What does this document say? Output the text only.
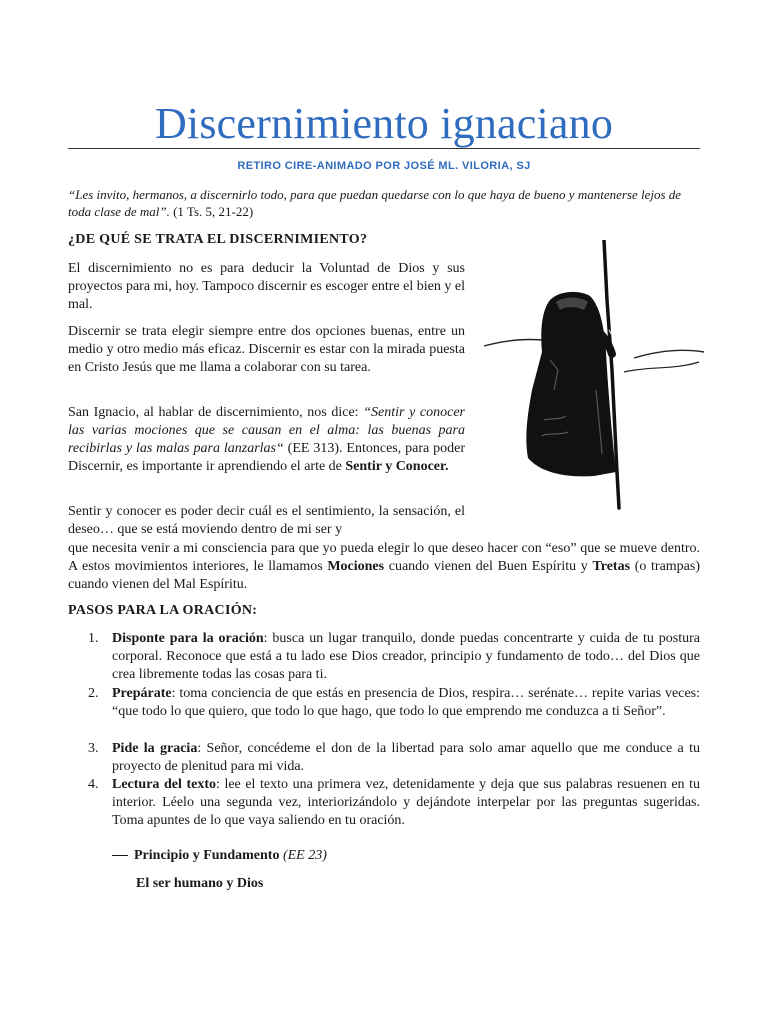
Discernimiento ignaciano
RETIRO CIRE-ANIMADO POR JOSÉ ML. VILORIA, SJ
“Les invito, hermanos, a discernirlo todo, para que puedan quedarse con lo que haya de bueno y mantenerse lejos de toda clase de mal”. (1 Ts. 5, 21-22)
¿DE QUÉ SE TRATA EL DISCERNIMIENTO?

El discernimiento no es para deducir la Voluntad de Dios y sus proyectos para mi, hoy. Tampoco discernir es escoger entre el bien y el mal.

Discernir se trata elegir siempre entre dos opciones buenas, entre un medio y otro medio más eficaz. Discernir es estar con la mirada puesta en Cristo Jesús que me llama a colaborar con su tarea.

San Ignacio, al hablar de discernimiento, nos dice: “Sentir y conocer las varias mociones que se causan en el alma: las buenas para recibirlas y las malas para lanzarlas“ (EE 313). Entonces, para poder Discernir, es importante ir aprendiendo el arte de Sentir y Conocer.

Sentir y conocer es poder decir cuál es el sentimiento, la sensación, el deseo… que se está moviendo dentro de mi ser y

que necesita venir a mi consciencia para que yo pueda elegir lo que deseo hacer con “eso” que se mueve dentro. A estos movimientos interiores, le llamamos Mociones cuando vienen del Buen Espíritu y Tretas (o trampas) cuando vienen del Mal Espíritu.

PASOS PARA LA ORACIÓN:
1. Disponte para la oración: busca un lugar tranquilo, donde puedas concentrarte y cuida de tu postura corporal. Reconoce que está a tu lado ese Dios creador, principio y fundamento de todo… del Dios que crea libremente todas las cosas para ti.

2. Prepárate: toma conciencia de que estás en presencia de Dios, respira… serénate… repite varias veces: “que todo lo que quiero, que todo lo que hago, que todo lo que emprendo me conduzca a ti Señor”.

3. Pide la gracia: Señor, concédeme el don de la libertad para solo amar aquello que me conduce a tu proyecto de plenitud para mi vida.

4. Lectura del texto: lee el texto una primera vez, detenidamente y deja que sus palabras resuenen en tu interior. Léelo una segunda vez, interiorizándolo y dejándote interpelar por las preguntas sugeridas. Toma apuntes de lo que vaya saliendo en tu oración.

Principio y Fundamento (EE 23)
El ser humano y Dios
